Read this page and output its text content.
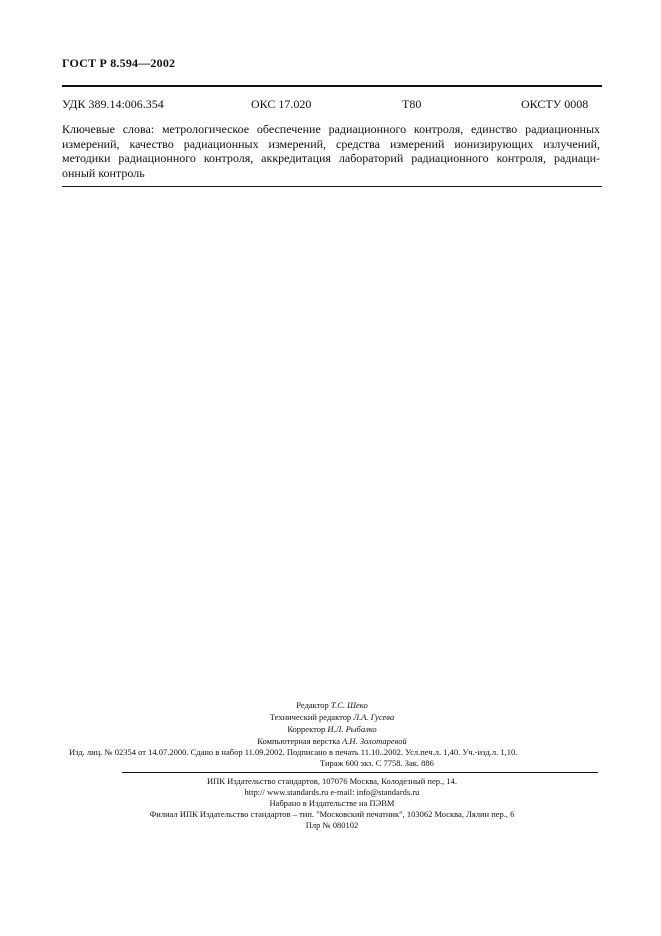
ГОСТ Р 8.594—2002
УДК 389.14:006.354	ОКС 17.020	Т80	ОКСТУ 0008
Ключевые слова: метрологическое обеспечение радиационного контроля, единство радиационных
измерений, качество радиационных измерений, средства измерений ионизирующих излучений,
методики радиационного контроля, аккредитация лабораторий радиационного контроля, радиаци-
онный контроль
Редактор Т.С. Шеко
Технический редактор Л.А. Гусева
Корректор И.Л. Рыбалко
Компьютерная верстка А.Н. Золотаревой
Изд. лиц. № 02354 от 14.07.2000. Сдано в набор 11.09.2002. Подписано в печать 11.10..2002. Усл.печ.л. 1,40. Уч.-изд.л. 1,10.
Тираж 600 экз. С 7758. Зак. 886
ИПК Издательство стандартов, 107076 Москва, Колодезный пер., 14.
http:// www.standards.ru e-mail: info@standards.ru
Набрано в Издательстве на ПЭВМ
Филиал ИПК Издательство стандартов – тип. "Московский печатник", 103062 Москва, Лялин пер., 6
Плр № 080102
